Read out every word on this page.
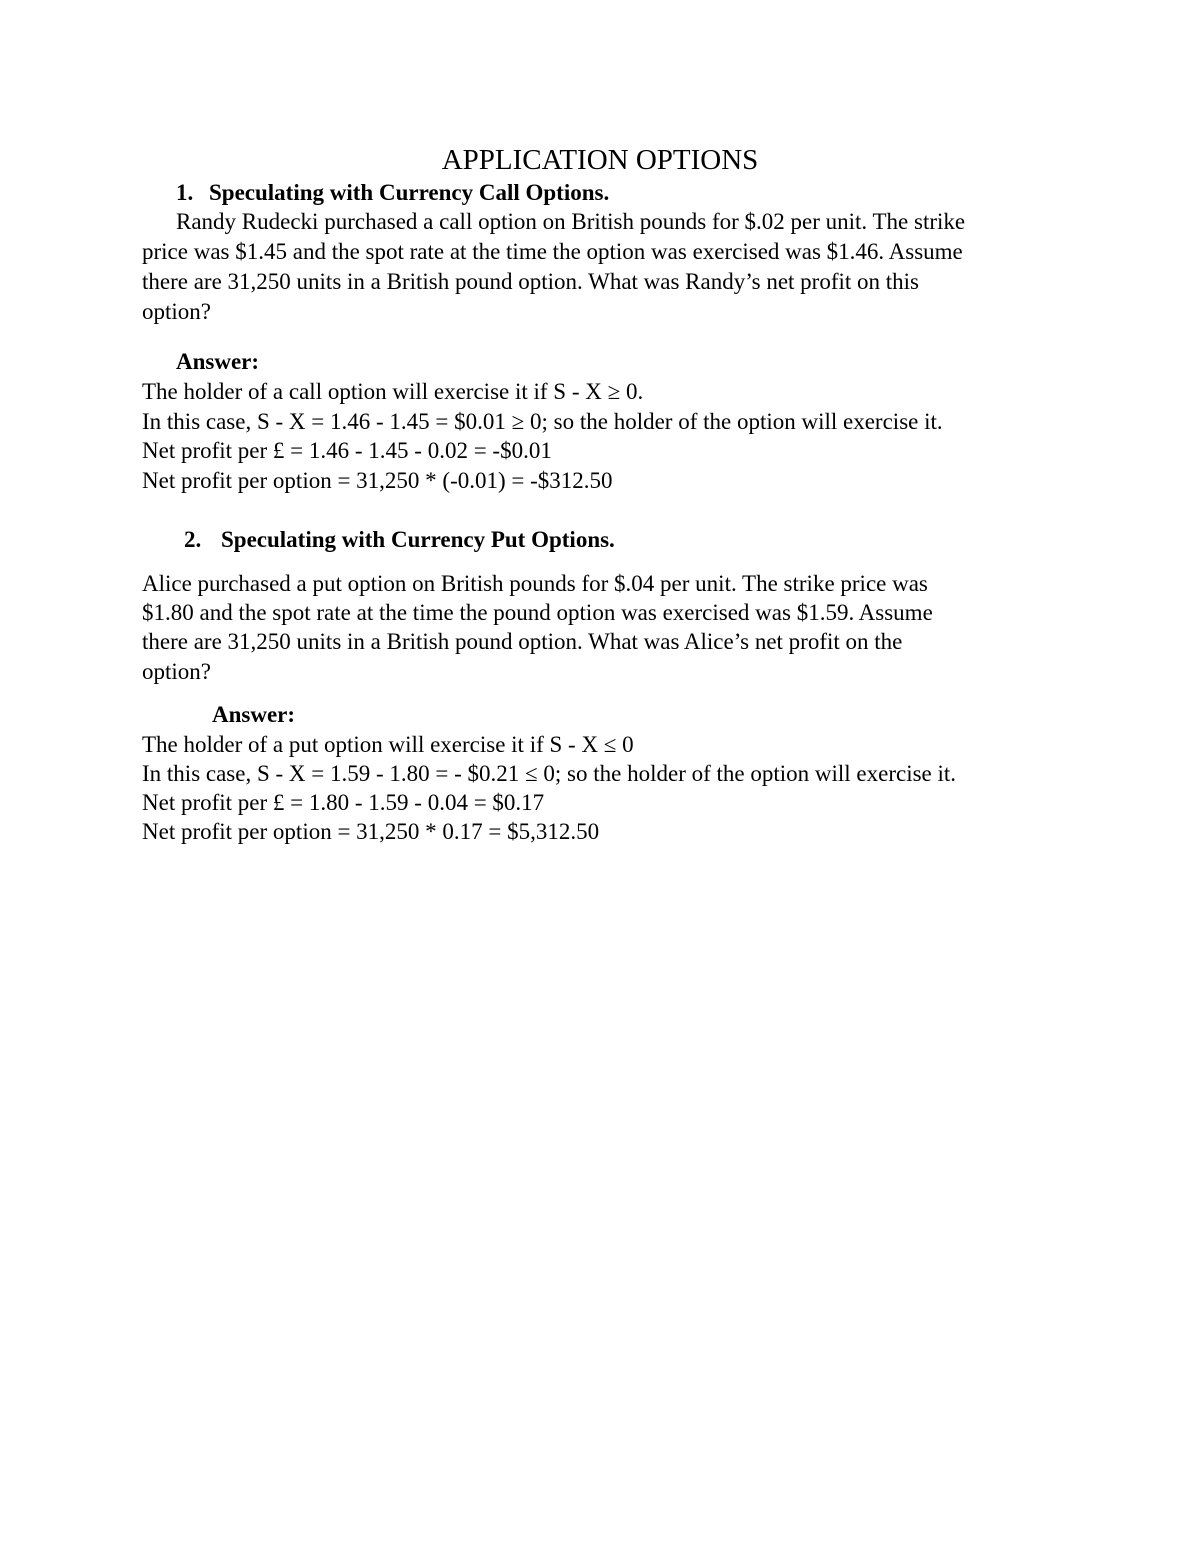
APPLICATION OPTIONS
1. Speculating with Currency Call Options.
Randy Rudecki purchased a call option on British pounds for $.02 per unit. The strike
price was $1.45 and the spot rate at the time the option was exercised was $1.46. Assume
there are 31,250 units in a British pound option. What was Randy’s net profit on this
option?
Answer:
The holder of a call option will exercise it if S - X ≥ 0.
In this case, S - X = 1.46 - 1.45 = $0.01 ≥ 0; so the holder of the option will exercise it.
Net profit per £ = 1.46 - 1.45 - 0.02 = -$0.01
Net profit per option = 31,250 * (-0.01) = -$312.50
2. Speculating with Currency Put Options.
Alice purchased a put option on British pounds for $.04 per unit. The strike price was
$1.80 and the spot rate at the time the pound option was exercised was $1.59. Assume
there are 31,250 units in a British pound option. What was Alice’s net profit on the
option?
Answer:
The holder of a put option will exercise it if S - X ≤ 0
In this case, S - X = 1.59 - 1.80 = - $0.21 ≤ 0; so the holder of the option will exercise it.
Net profit per £ = 1.80 - 1.59 - 0.04 = $0.17
Net profit per option = 31,250 * 0.17 = $5,312.50
